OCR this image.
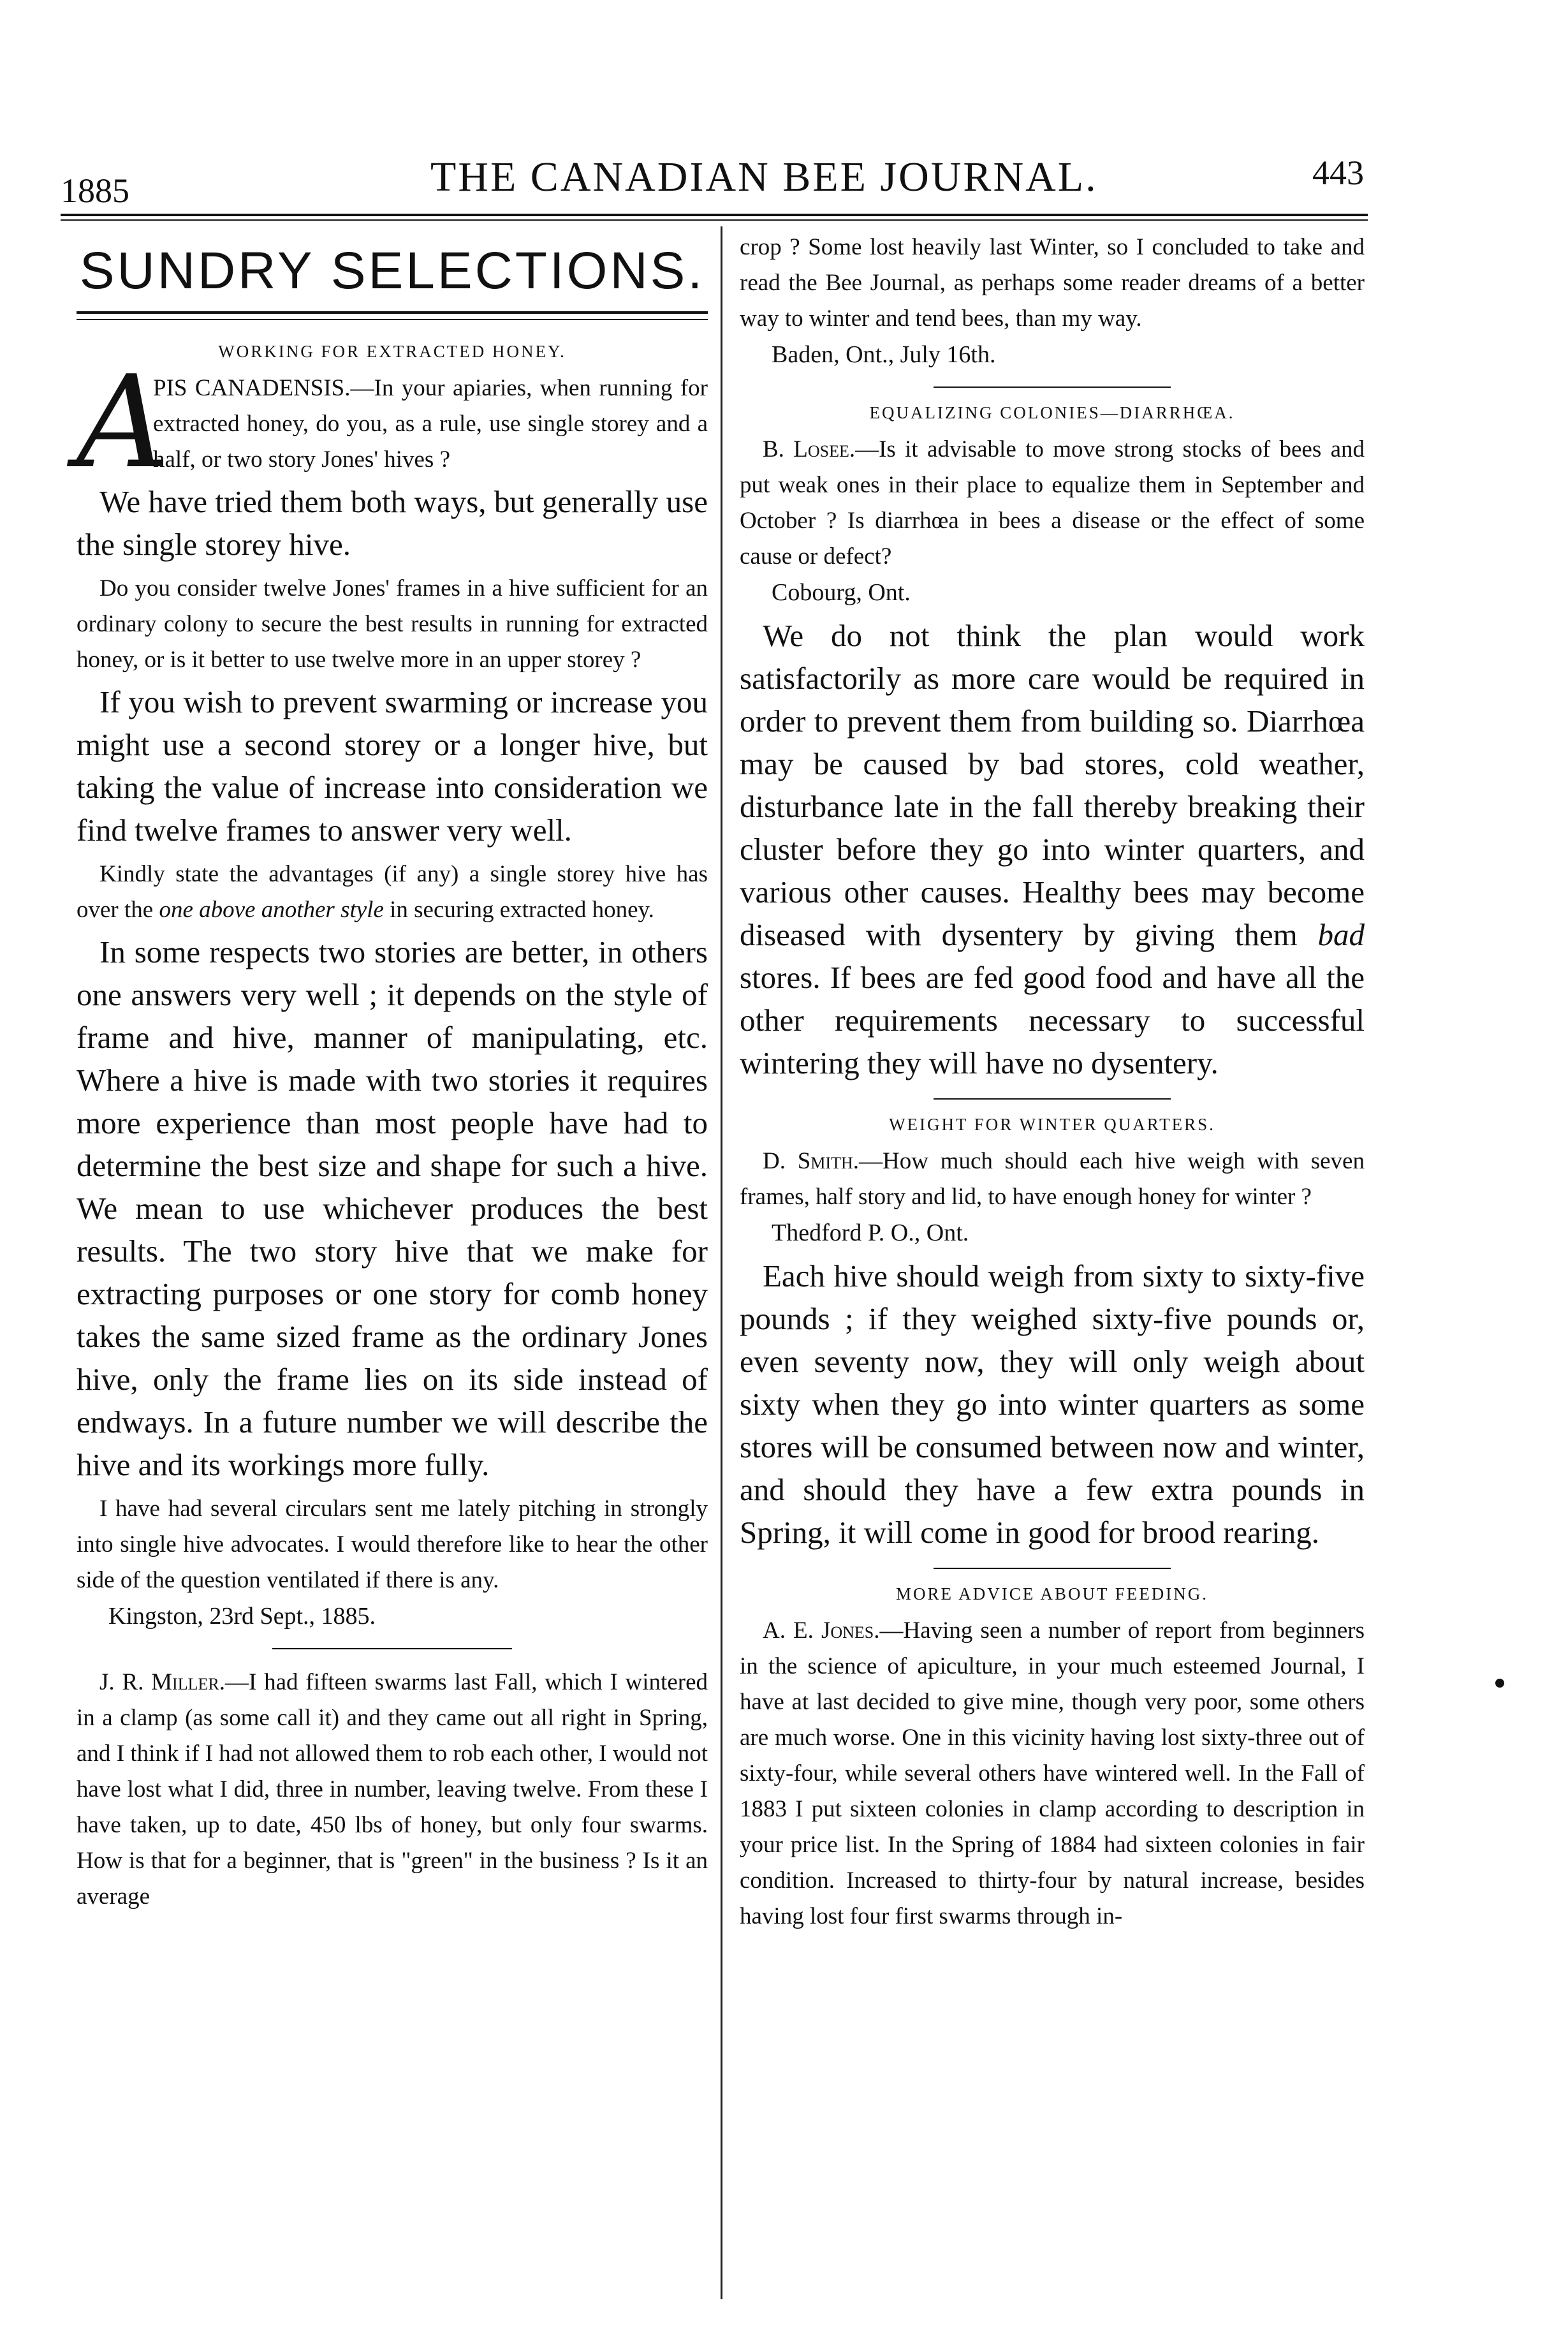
1885	THE CANADIAN BEE JOURNAL.	443
SUNDRY SELECTIONS.
WORKING FOR EXTRACTED HONEY.
A

PIS CANADENSIS.—In your apiaries, when running for extracted honey, do you, as a rule, use single storey and a half, or two story Jones' hives ?

We have tried them both ways, but generally use the single storey hive.

Do you consider twelve Jones' frames in a hive sufficient for an ordinary colony to secure the best results in running for extracted honey, or is it better to use twelve more in an upper storey ?

If you wish to prevent swarming or increase you might use a second storey or a longer hive, but taking the value of increase into consideration we find twelve frames to answer very well.

Kindly state the advantages (if any) a single storey hive has over the one above another style in securing extracted honey.

In some respects two stories are better, in others one answers very well ; it depends on the style of frame and hive, manner of manipulating, etc. Where a hive is made with two stories it requires more experience than most people have had to determine the best size and shape for such a hive. We mean to use whichever produces the best results. The two story hive that we make for extracting purposes or one story for comb honey takes the same sized frame as the ordinary Jones hive, only the frame lies on its side instead of endways. In a future number we will describe the hive and its workings more fully.

I have had several circulars sent me lately pitching in strongly into single hive advocates. I would therefore like to hear the other side of the question ventilated if there is any.

Kingston, 23rd Sept., 1885.

J. R. Miller.—I had fifteen swarms last Fall, which I wintered in a clamp (as some call it) and they came out all right in Spring, and I think if I had not allowed them to rob each other, I would not have lost what I did, three in number, leaving twelve. From these I have taken, up to date, 450 lbs of honey, but only four swarms. How is that for a beginner, that is "green" in the business ? Is it an average

crop ? Some lost heavily last Winter, so I concluded to take and read the Bee Journal, as perhaps some reader dreams of a better way to winter and tend bees, than my way.

Baden, Ont., July 16th.

EQUALIZING COLONIES—DIARRHŒA.

B. Losee.—Is it advisable to move strong stocks of bees and put weak ones in their place to equalize them in September and October ? Is diarrhœa in bees a disease or the effect of some cause or defect?

Cobourg, Ont.

We do not think the plan would work satisfactorily as more care would be required in order to prevent them from building so. Diarrhœa may be caused by bad stores, cold weather, disturbance late in the fall thereby breaking their cluster before they go into winter quarters, and various other causes. Healthy bees may become diseased with dysentery by giving them bad stores. If bees are fed good food and have all the other requirements necessary to successful wintering they will have no dysentery.

WEIGHT FOR WINTER QUARTERS.

D. Smith.—How much should each hive weigh with seven frames, half story and lid, to have enough honey for winter ?

Thedford P. O., Ont.

Each hive should weigh from sixty to sixty-five pounds ; if they weighed sixty-five pounds or, even seventy now, they will only weigh about sixty when they go into winter quarters as some stores will be consumed between now and winter, and should they have a few extra pounds in Spring, it will come in good for brood rearing.

MORE ADVICE ABOUT FEEDING.

A. E. Jones.—Having seen a number of report from beginners in the science of apiculture, in your much esteemed Journal, I have at last decided to give mine, though very poor, some others are much worse. One in this vicinity having lost sixty-three out of sixty-four, while several others have wintered well. In the Fall of 1883 I put sixteen colonies in clamp according to description in your price list. In the Spring of 1884 had sixteen colonies in fair condition. Increased to thirty-four by natural increase, besides having lost four first swarms through in-
